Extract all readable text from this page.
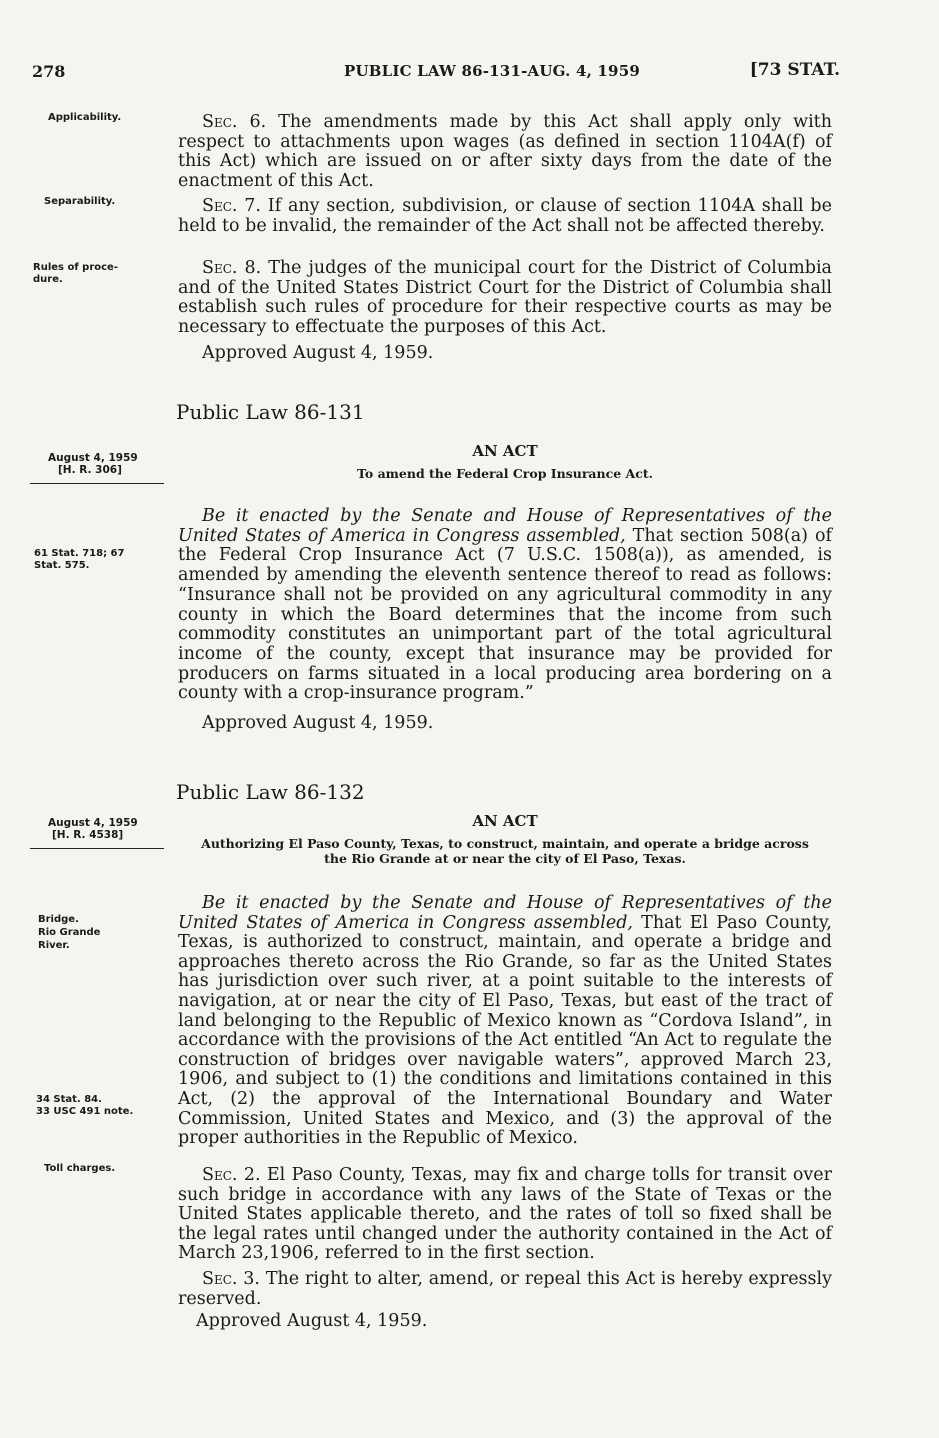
278	PUBLIC LAW 86-131-AUG. 4, 1959	[73 STAT.
Applicability.
Separability.
Rules of proce-
dure.
August 4, 1959
[H. R. 306]
61 Stat. 718; 67
Stat. 575.
August 4, 1959
[H. R. 4538]
Bridge.
Rio Grande
River.
34 Stat. 84.
33 USC 491 note.
Toll charges.
Sec. 6. The amendments made by this Act shall apply only with respect to attachments upon wages (as defined in section 1104A(f) of this Act) which are issued on or after sixty days from the date of the enactment of this Act.
Sec. 7. If any section, subdivision, or clause of section 1104A shall be held to be invalid, the remainder of the Act shall not be affected thereby.
Sec. 8. The judges of the municipal court for the District of Columbia and of the United States District Court for the District of Columbia shall establish such rules of procedure for their respective courts as may be necessary to effectuate the purposes of this Act.
Approved August 4, 1959.
Public Law 86-131
AN ACT
To amend the Federal Crop Insurance Act.
Be it enacted by the Senate and House of Representatives of the United States of America in Congress assembled, That section 508(a) of the Federal Crop Insurance Act (7 U.S.C. 1508(a)), as amended, is amended by amending the eleventh sentence thereof to read as follows: “Insurance shall not be provided on any agricultural commodity in any county in which the Board determines that the income from such commodity constitutes an unimportant part of the total agricultural income of the county, except that insurance may be provided for producers on farms situated in a local producing area bordering on a county with a crop-insurance program.”
Approved August 4, 1959.
Public Law 86-132
AN ACT
Authorizing El Paso County, Texas, to construct, maintain, and operate a bridge across the Rio Grande at or near the city of El Paso, Texas.
Be it enacted by the Senate and House of Representatives of the United States of America in Congress assembled, That El Paso County, Texas, is authorized to construct, maintain, and operate a bridge and approaches thereto across the Rio Grande, so far as the United States has jurisdiction over such river, at a point suitable to the interests of navigation, at or near the city of El Paso, Texas, but east of the tract of land belonging to the Republic of Mexico known as “Cordova Island”, in accordance with the provisions of the Act entitled “An Act to regulate the construction of bridges over navigable waters”, approved March 23, 1906, and subject to (1) the conditions and limitations contained in this Act, (2) the approval of the International Boundary and Water Commission, United States and Mexico, and (3) the approval of the proper authorities in the Republic of Mexico.
Sec. 2. El Paso County, Texas, may fix and charge tolls for transit over such bridge in accordance with any laws of the State of Texas or the United States applicable thereto, and the rates of toll so fixed shall be the legal rates until changed under the authority contained in the Act of March 23,1906, referred to in the first section.
Sec. 3. The right to alter, amend, or repeal this Act is hereby expressly reserved.
Approved August 4, 1959.
